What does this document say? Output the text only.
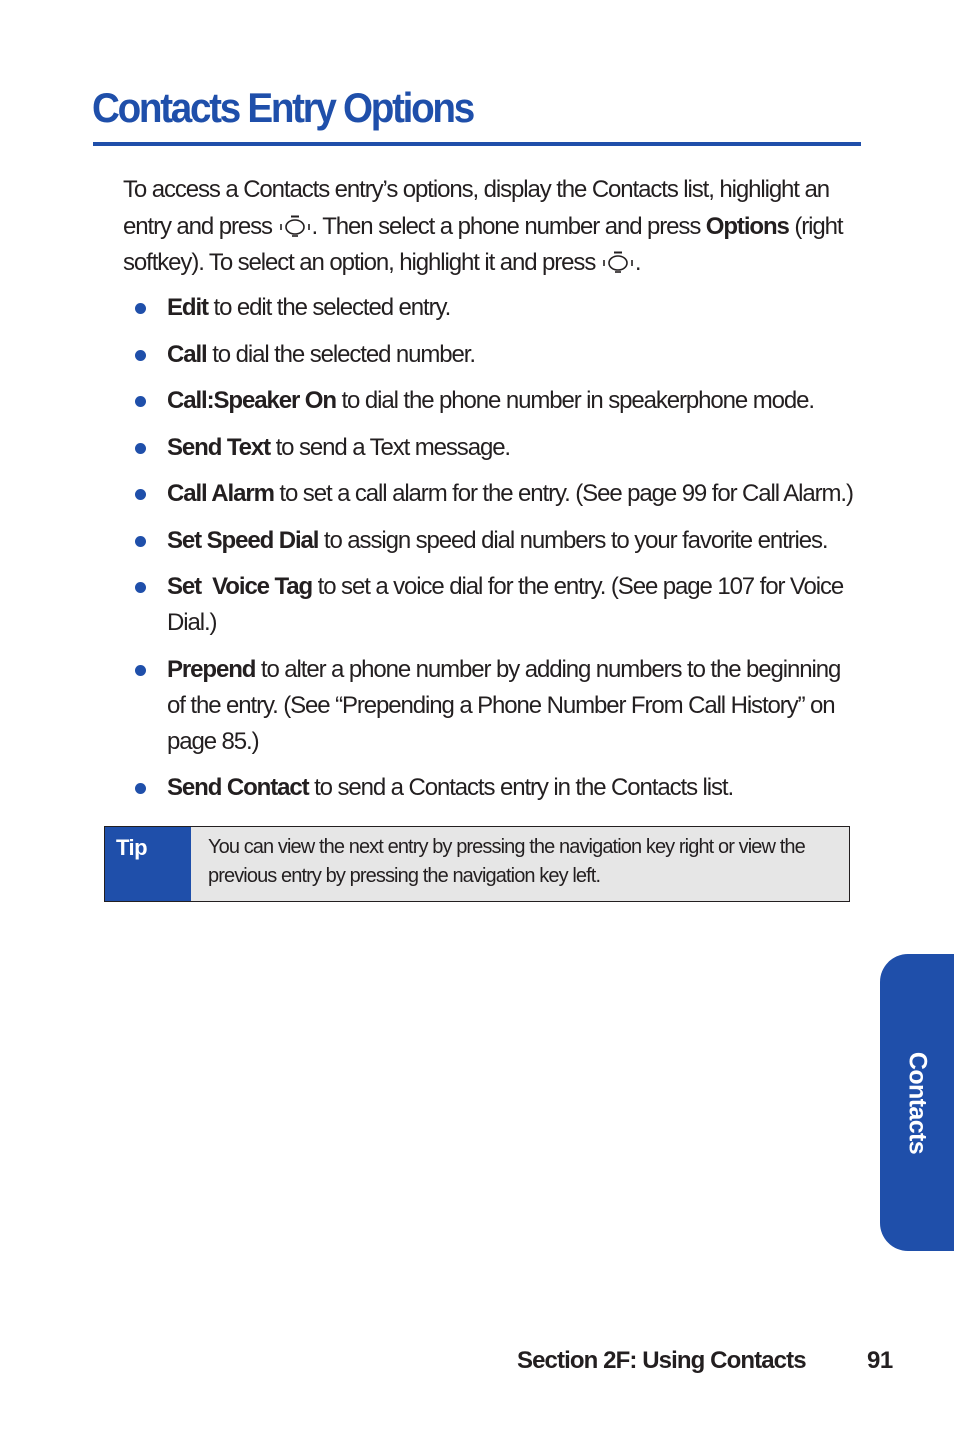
Contacts Entry Options
To access a Contacts entry’s options, display the Contacts list, highlight an entry and press . Then select a phone number and press Options (right softkey). To select an option, highlight it and press .
Edit to edit the selected entry.
Call to dial the selected number.
Call:Speaker On to dial the phone number in speakerphone mode.
Send Text to send a Text message.
Call Alarm to set a call alarm for the entry. (See page 99 for Call Alarm.)
Set Speed Dial to assign speed dial numbers to your favorite entries.
Set  Voice Tag to set a voice dial for the entry. (See page 107 for Voice Dial.)
Prepend to alter a phone number by adding numbers to the beginning of the entry. (See “Prepending a Phone Number From Call History” on page 85.)
Send Contact to send a Contacts entry in the Contacts list.
Tip	You can view the next entry by pressing the navigation key right or view the previous entry by pressing the navigation key left.
Contacts
Section 2F: Using Contacts	91
